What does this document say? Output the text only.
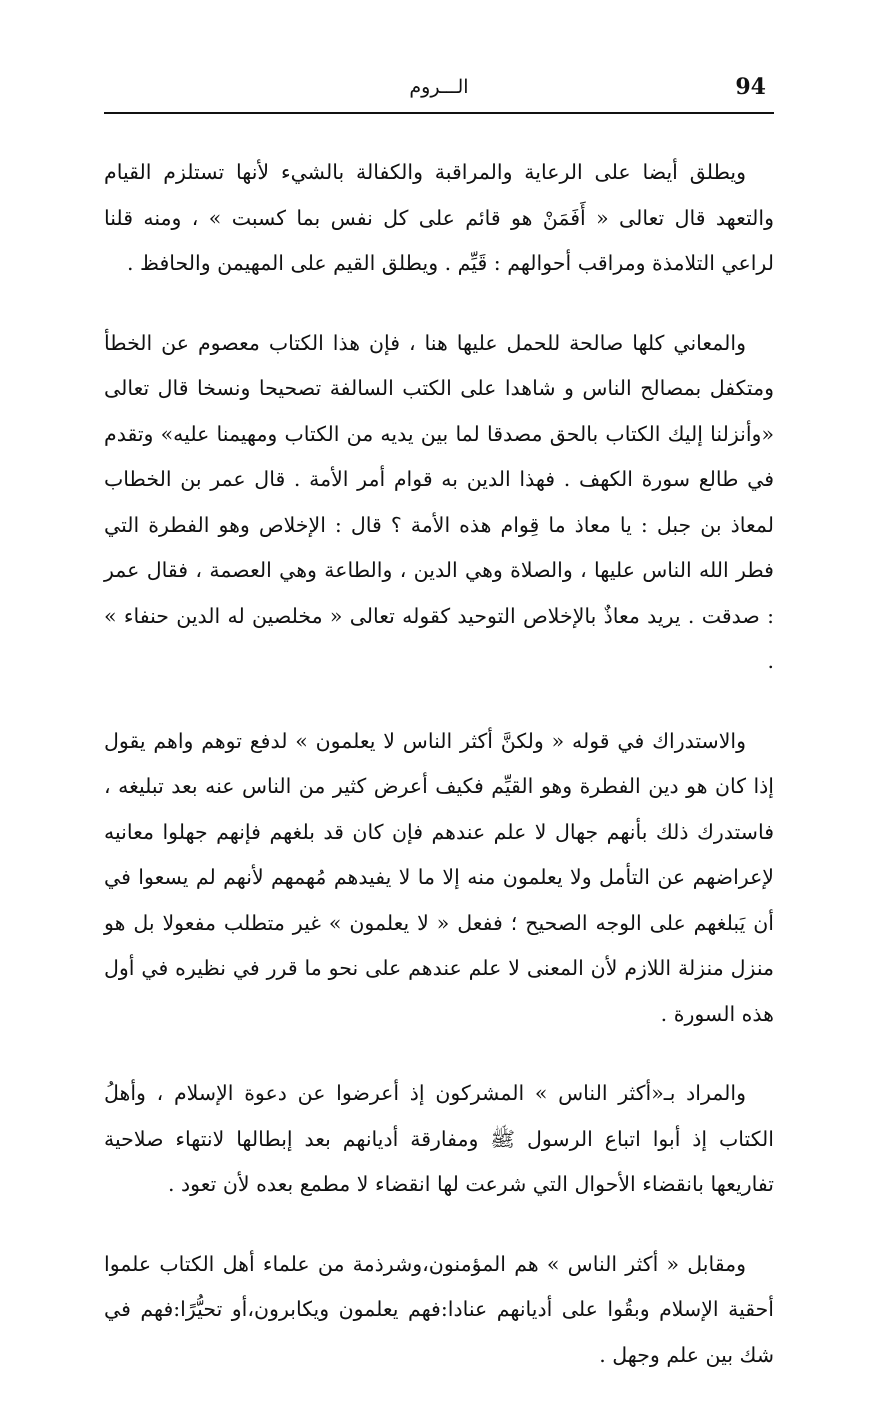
94
الـــروم

ويطلق أيضا على الرعاية والمراقبة والكفالة بالشيء لأنها تستلزم القيام والتعهد قال تعالى « أَفَمَنْ هو قائم على كل نفس بما كسبت » ، ومنه قلنا لراعي التلامذة ومراقب أحوالهم : قَيِّم . ويطلق القيم على المهيمن والحافظ .

والمعاني كلها صالحة للحمل عليها هنا ، فإن هذا الكتاب معصوم عن الخطأ ومتكفل بمصالح الناس و شاهدا على الكتب السالفة تصحيحا ونسخا قال تعالى «وأنزلنا إليك الكتاب بالحق مصدقا لما بين يديه من الكتاب ومهيمنا عليه» وتقدم في طالع سورة الكهف . فهذا الدين به قوام أمر الأمة . قال عمر بن الخطاب لمعاذ بن جبل : يا معاذ ما قِوام هذه الأمة ؟ قال : الإخلاص وهو الفطرة التي فطر الله الناس عليها ، والصلاة وهي الدين ، والطاعة وهي العصمة ، فقال عمر : صدقت . يريد معاذٌ بالإخلاص التوحيد كقوله تعالى « مخلصين له الدين حنفاء » .

والاستدراك في قوله « ولكنَّ أكثر الناس لا يعلمون » لدفع توهم واهم يقول إذا كان هو دين الفطرة وهو القيِّم فكيف أعرض كثير من الناس عنه بعد تبليغه ، فاستدرك ذلك بأنهم جهال لا علم عندهم فإن كان قد بلغهم فإنهم جهلوا معانيه لإعراضهم عن التأمل ولا يعلمون منه إلا ما لا يفيدهم مُهمهم لأنهم لم يسعوا في أن يَبلغهم على الوجه الصحيح ؛ ففعل « لا يعلمون » غير متطلب مفعولا بل هو منزل منزلة اللازم لأن المعنى لا علم عندهم على نحو ما قرر في نظيره في أول هذه السورة .

والمراد بـ«أكثر الناس » المشركون إذ أعرضوا عن دعوة الإسلام ، وأهلُ الكتاب إذ أبوا اتباع الرسول ﷺ ومفارقة أديانهم بعد إبطالها لانتهاء صلاحية تفاريعها بانقضاء الأحوال التي شرعت لها انقضاء لا مطمع بعده لأن تعود .

ومقابل « أكثر الناس » هم المؤمنون،وشرذمة من علماء أهل الكتاب علموا أحقية الإسلام وبقُوا على أديانهم عنادا:فهم يعلمون ويكابرون،أو تحيُّرًا:فهم في شك بين علم وجهل .
